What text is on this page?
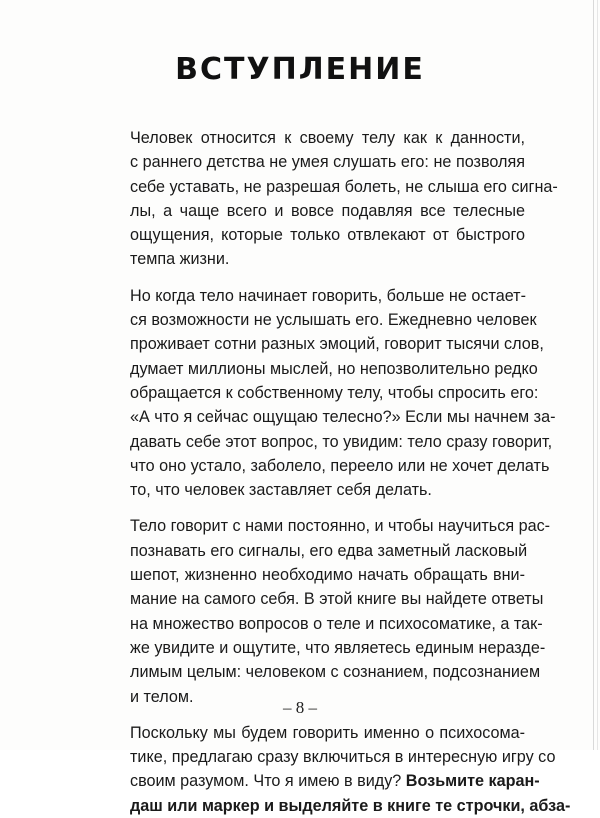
ВСТУПЛЕНИЕ
Человек относится к своему телу как к данности,
с раннего детства не умея слушать его: не позволяя
себе уставать, не разрешая болеть, не слыша его сигна-
лы, а чаще всего и вовсе подавляя все телесные
ощущения, которые только отвлекают от быстрого
темпа жизни.
Но когда тело начинает говорить, больше не остает-
ся возможности не услышать его. Ежедневно человек
проживает сотни разных эмоций, говорит тысячи слов,
думает миллионы мыслей, но непозволительно редко
обращается к собственному телу, чтобы спросить его:
«А что я сейчас ощущаю телесно?» Если мы начнем за-
давать себе этот вопрос, то увидим: тело сразу говорит,
что оно устало, заболело, переело или не хочет делать
то, что человек заставляет себя делать.
Тело говорит с нами постоянно, и чтобы научиться рас-
познавать его сигналы, его едва заметный ласковый
шепот, жизненно необходимо начать обращать вни-
мание на самого себя. В этой книге вы найдете ответы
на множество вопросов о теле и психосоматике, а так-
же увидите и ощутите, что являетесь единым неразде-
лимым целым: человеком с сознанием, подсознанием
и телом.
Поскольку мы будем говорить именно о психосома-
тике, предлагаю сразу включиться в интересную игру со
своим разумом. Что я имею в виду? Возьмите каран-
даш или маркер и выделяйте в книге те строчки, абза-
– 8 –
